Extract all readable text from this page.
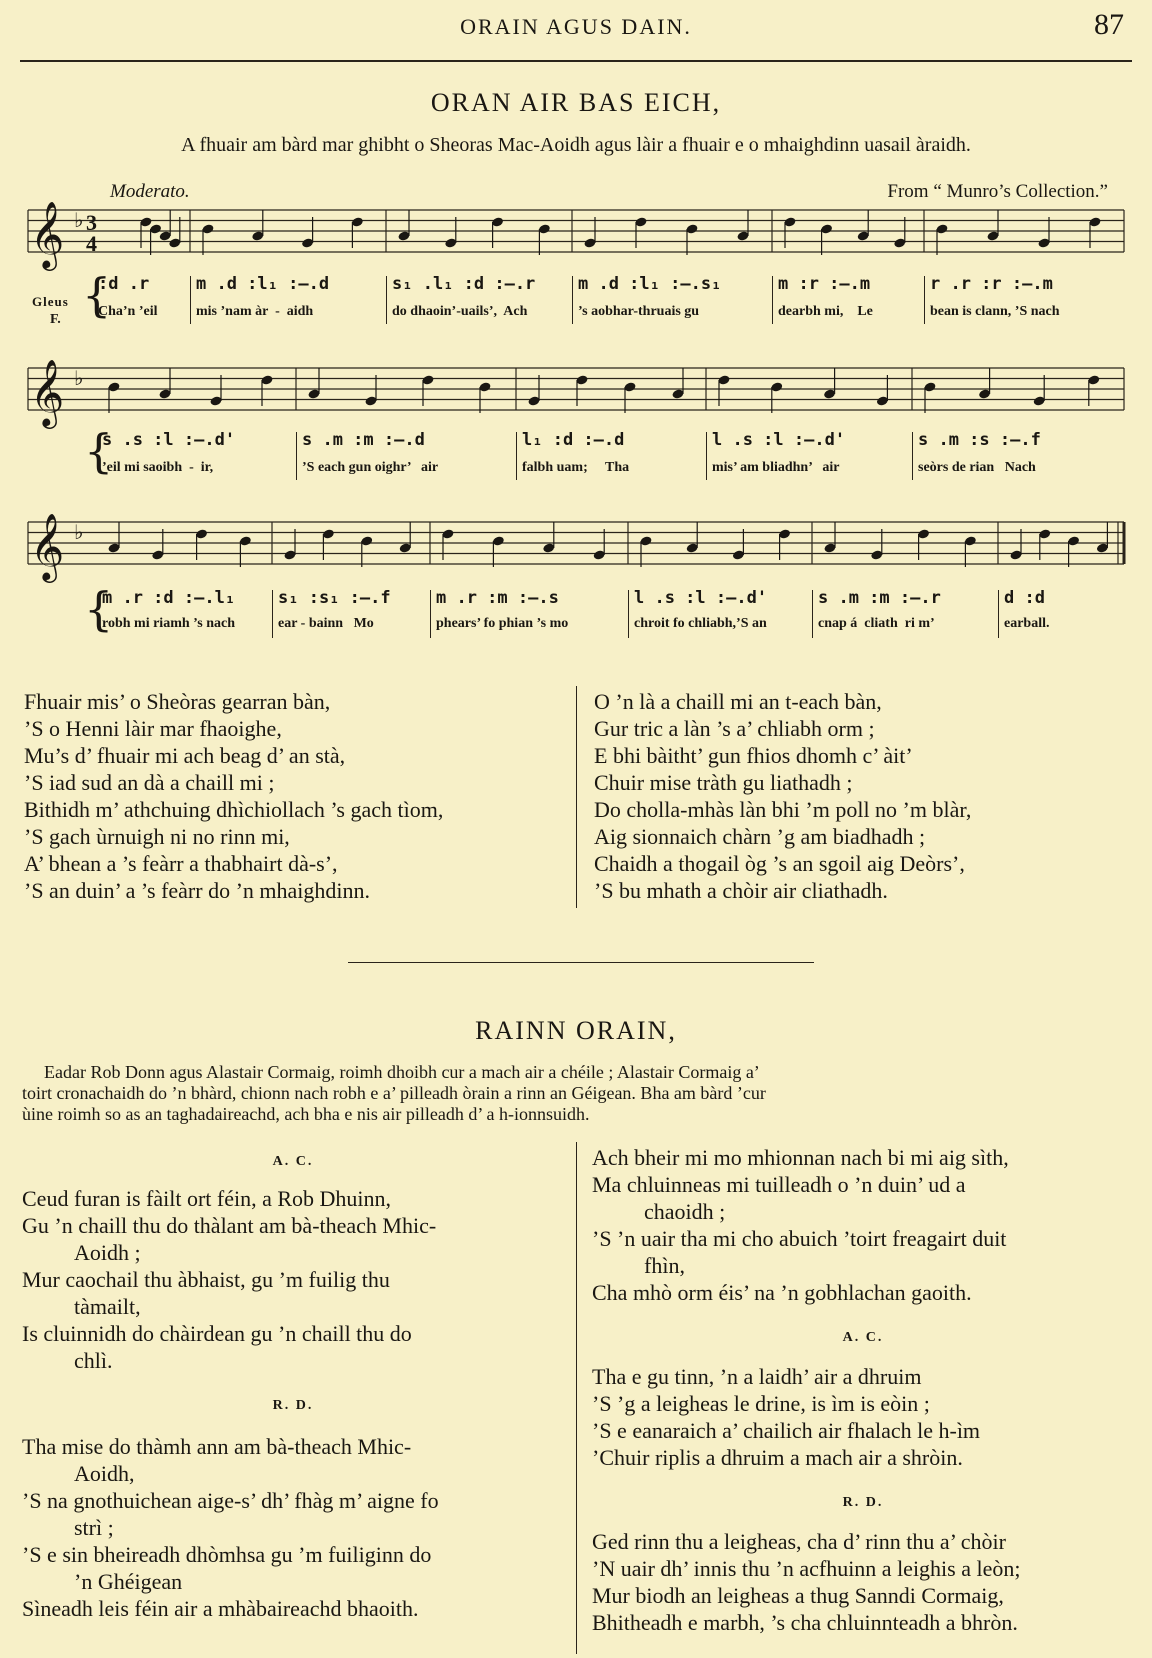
ORAIN AGUS DAIN.	87
ORAN AIR BAS EICH,
A fhuair am bàrd mar ghibht o Sheoras Mac-Aoidh agus làir a fhuair e o mhaighdinn uasail àraidh.
Moderato.	From “ Munro’s Collection.”
𝄞 ♭ 3
4
𝄞 ♭
𝄞 ♭
{
:d .r
Cha’n ’eil
m .d :l₁ :–.d
mis ’nam àr  -  aidh
s₁ .l₁ :d :–.r
do dhaoin’-uails’,  Ach
m .d :l₁ :–.s₁
’s aobhar-thruais gu
m :r :–.m
dearbh mi,    Le
r .r :r :–.m
bean is clann, ’S nach
{
s .s :l :–.d'
’eil mi saoibh  -  ir,
s .m :m :–.d
’S each gun oighr’   air
l₁ :d :–.d
falbh uam;     Tha
l .s :l :–.d'
mis’ am bliadhn’   air
s .m :s :–.f
seòrs de rian   Nach
{
m .r :d :–.l₁
robh mi riamh ’s nach
s₁ :s₁ :–.f
ear - bainn   Mo
m .r :m :–.s
phears’ fo phian ’s mo
l .s :l :–.d'
chroit fo chliabh,’S an
s .m :m :–.r
cnap á  cliath  ri m’
d :d
earball.
Gleus
F.
Fhuair mis’ o Sheòras gearran bàn,
’S o Henni làir mar fhaoighe,
Mu’s d’ fhuair mi ach beag d’ an stà,
’S iad sud an dà a chaill mi ;
Bithidh m’ athchuing dhìchiollach ’s gach tìom,
’S gach ùrnuigh ni no rinn mi,
A’ bhean a ’s feàrr a thabhairt dà-s’,
’S an duin’ a ’s feàrr do ’n mhaighdinn.
O ’n là a chaill mi an t-each bàn,
Gur tric a làn ’s a’ chliabh orm ;
E bhi bàitht’ gun fhios dhomh c’ àit’
Chuir mise tràth gu liathadh ;
Do cholla-mhàs làn bhi ’m poll no ’m blàr,
Aig sionnaich chàrn ’g am biadhadh ;
Chaidh a thogail òg ’s an sgoil aig Deòrs’,
’S bu mhath a chòir air cliathadh.
RAINN ORAIN,
Eadar Rob Donn agus Alastair Cormaig, roimh dhoibh cur a mach air a chéile ; Alastair Cormaig a’
toirt cronachaidh do ’n bhàrd, chionn nach robh e a’ pilleadh òrain a rinn an Géigean. Bha am bàrd ’cur
ùine roimh so as an taghadaireachd, ach bha e nis air pilleadh d’ a h-ionnsuidh.
A. C.
Ceud furan is fàilt ort féin, a Rob Dhuinn,
Gu ’n chaill thu do thàlant am bà-theach Mhic-
Aoidh ;
Mur caochail thu àbhaist, gu ’m fuilig thu
tàmailt,
Is cluinnidh do chàirdean gu ’n chaill thu do
chlì.
R. D.
Tha mise do thàmh ann am bà-theach Mhic-
Aoidh,
’S na gnothuichean aige-s’ dh’ fhàg m’ aigne fo
strì ;
’S e sin bheireadh dhòmhsa gu ’m fuiliginn do
’n Ghéigean
Sìneadh leis féin air a mhàbaireachd bhaoith.
Ach bheir mi mo mhionnan nach bi mi aig sìth,
Ma chluinneas mi tuilleadh o ’n duin’ ud a
chaoidh ;
’S ’n uair tha mi cho abuich ’toirt freagairt duit
fhìn,
Cha mhò orm éis’ na ’n gobhlachan gaoith.
A. C.
Tha e gu tinn, ’n a laidh’ air a dhruim
’S ’g a leigheas le drine, is ìm is eòin ;
’S e eanaraich a’ chailich air fhalach le h-ìm
’Chuir riplis a dhruim a mach air a shròin.
R. D.
Ged rinn thu a leigheas, cha d’ rinn thu a’ chòir
’N uair dh’ innis thu ’n acfhuinn a leighis a leòn;
Mur biodh an leigheas a thug Sanndi Cormaig,
Bhitheadh e marbh, ’s cha chluinnteadh a bhròn.
